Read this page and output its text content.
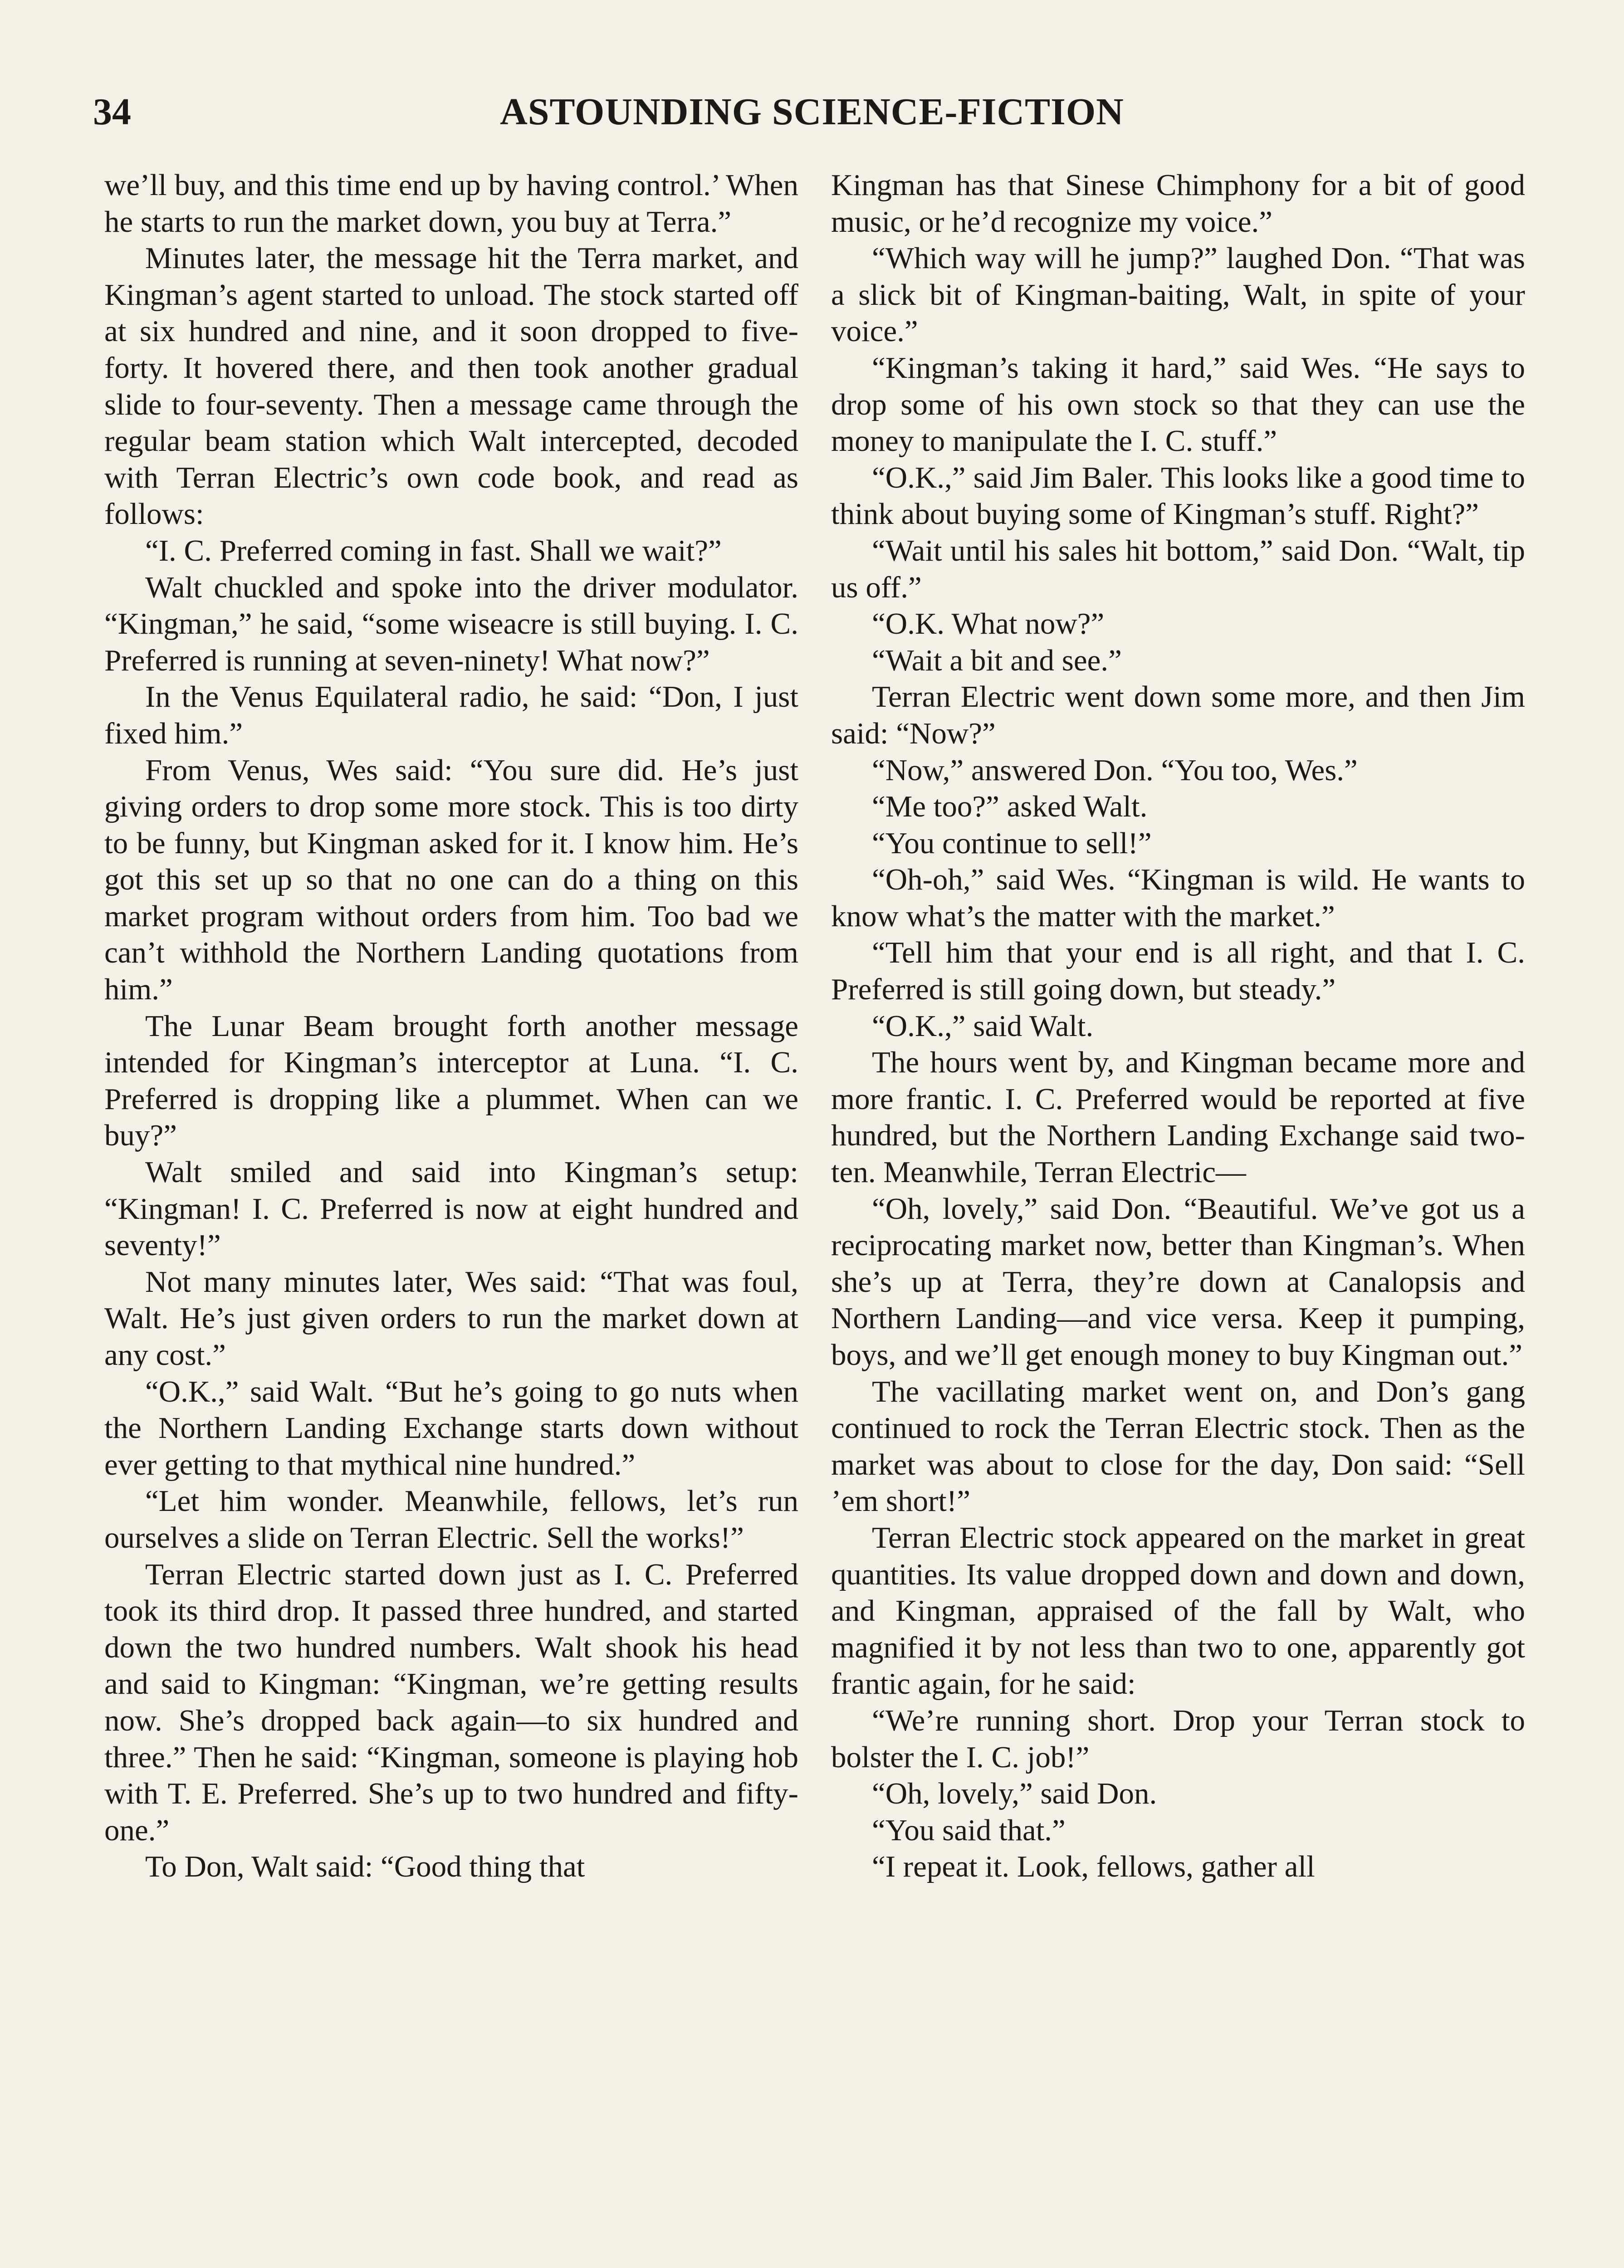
34	ASTOUNDING SCIENCE-FICTION

we’ll buy, and this time end up by having control.’ When he starts to run the market down, you buy at Terra.”

Minutes later, the message hit the Terra market, and Kingman’s agent started to unload. The stock started off at six hundred and nine, and it soon dropped to five-forty. It hovered there, and then took another gradual slide to four-seventy. Then a message came through the regular beam station which Walt intercepted, decoded with Terran Electric’s own code book, and read as follows:

“I. C. Preferred coming in fast. Shall we wait?”

Walt chuckled and spoke into the driver modulator. “Kingman,” he said, “some wiseacre is still buying. I. C. Preferred is running at seven-ninety! What now?”

In the Venus Equilateral radio, he said: “Don, I just fixed him.”

From Venus, Wes said: “You sure did. He’s just giving orders to drop some more stock. This is too dirty to be funny, but Kingman asked for it. I know him. He’s got this set up so that no one can do a thing on this market program without orders from him. Too bad we can’t withhold the Northern Landing quotations from him.”

The Lunar Beam brought forth another message intended for Kingman’s interceptor at Luna. “I. C. Preferred is dropping like a plummet. When can we buy?”

Walt smiled and said into Kingman’s setup: “Kingman! I. C. Preferred is now at eight hundred and seventy!”

Not many minutes later, Wes said: “That was foul, Walt. He’s just given orders to run the market down at any cost.”

“O.K.,” said Walt. “But he’s going to go nuts when the Northern Landing Exchange starts down without ever getting to that mythical nine hundred.”

“Let him wonder. Meanwhile, fellows, let’s run ourselves a slide on Terran Electric. Sell the works!”

Terran Electric started down just as I. C. Preferred took its third drop. It passed three hundred, and started down the two hundred numbers. Walt shook his head and said to Kingman: “Kingman, we’re getting results now. She’s dropped back again—to six hundred and three.” Then he said: “Kingman, someone is playing hob with T. E. Preferred. She’s up to two hundred and fifty-one.”

To Don, Walt said: “Good thing that

Kingman has that Sinese Chimphony for a bit of good music, or he’d recognize my voice.”

“Which way will he jump?” laughed Don. “That was a slick bit of Kingman-baiting, Walt, in spite of your voice.”

“Kingman’s taking it hard,” said Wes. “He says to drop some of his own stock so that they can use the money to manipulate the I. C. stuff.”

“O.K.,” said Jim Baler. This looks like a good time to think about buying some of Kingman’s stuff. Right?”

“Wait until his sales hit bottom,” said Don. “Walt, tip us off.”

“O.K. What now?”

“Wait a bit and see.”

Terran Electric went down some more, and then Jim said: “Now?”

“Now,” answered Don. “You too, Wes.”

“Me too?” asked Walt.

“You continue to sell!”

“Oh-oh,” said Wes. “Kingman is wild. He wants to know what’s the matter with the market.”

“Tell him that your end is all right, and that I. C. Preferred is still going down, but steady.”

“O.K.,” said Walt.

The hours went by, and Kingman became more and more frantic. I. C. Preferred would be reported at five hundred, but the Northern Landing Exchange said two-ten. Meanwhile, Terran Electric—

“Oh, lovely,” said Don. “Beautiful. We’ve got us a reciprocating market now, better than Kingman’s. When she’s up at Terra, they’re down at Canalopsis and Northern Landing—and vice versa. Keep it pumping, boys, and we’ll get enough money to buy Kingman out.”

The vacillating market went on, and Don’s gang continued to rock the Terran Electric stock. Then as the market was about to close for the day, Don said: “Sell ’em short!”

Terran Electric stock appeared on the market in great quantities. Its value dropped down and down and down, and Kingman, appraised of the fall by Walt, who magnified it by not less than two to one, apparently got frantic again, for he said:

“We’re running short. Drop your Terran stock to bolster the I. C. job!”

“Oh, lovely,” said Don.

“You said that.”

“I repeat it. Look, fellows, gather all
